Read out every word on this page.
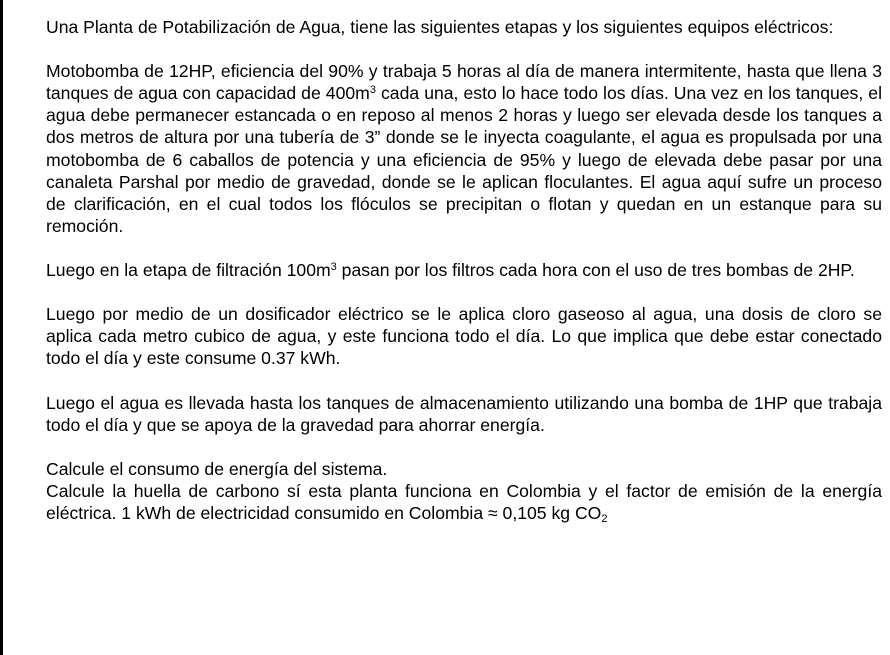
Una Planta de Potabilización de Agua, tiene las siguientes etapas y los siguientes equipos eléctricos:

Motobomba de 12HP, eficiencia del 90% y trabaja 5 horas al día de manera intermitente, hasta que llena 3 tanques de agua con capacidad de $400m^3$ cada una, esto lo hace todo los días. Una vez en los tanques, el agua debe permanecer estancada o en reposo al menos 2 horas y luego ser elevada desde los tanques a dos metros de altura por una tubería de 3” donde se le inyecta coagulante, el agua es propulsada por una motobomba de 6 caballos de potencia y una eficiencia de 95% y luego de elevada debe pasar por una canaleta Parshal por medio de gravedad, donde se le aplican floculantes. El agua aquí sufre un proceso de clarificación, en el cual todos los flóculos se precipitan o flotan y quedan en un estanque para su remoción.

Luego en la etapa de filtración $100m^3$ pasan por los filtros cada hora con el uso de tres bombas de 2HP.

Luego por medio de un dosificador eléctrico se le aplica cloro gaseoso al agua, una dosis de cloro se aplica cada metro cubico de agua, y este funciona todo el día. Lo que implica que debe estar conectado todo el día y este consume 0.37 kWh.

Luego el agua es llevada hasta los tanques de almacenamiento utilizando una bomba de 1HP que trabaja todo el día y que se apoya de la gravedad para ahorrar energía.

Calcule el consumo de energía del sistema.

Calcule la huella de carbono sí esta planta funciona en Colombia y el factor de emisión de la energía eléctrica. 1 kWh de electricidad consumido en Colombia ≈ 0,105 kg $CO_2$
